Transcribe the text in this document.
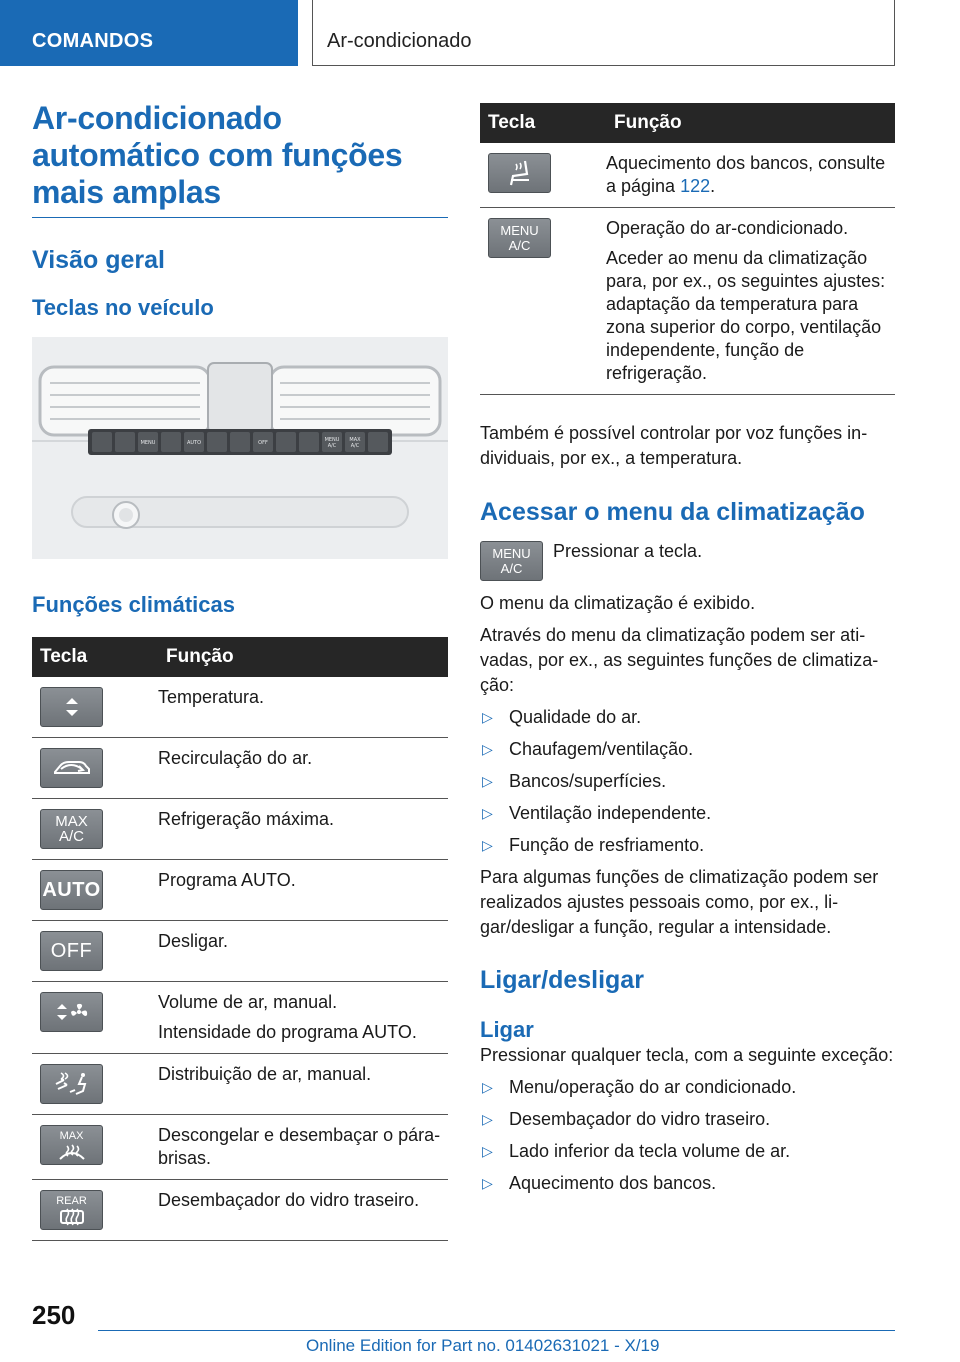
COMANDOS	Ar-condicionado
Ar-condicionado automático com funções mais amplas
Visão geral
Teclas no veículo
MENU	AUTO	OFF	MENU
A/C
MAX
A/C
Funções climáticas
Tecla	Função

Temperatura.

Recirculação do ar.

MAX A/C	Refrigeração máxima.

AUTO	Programa AUTO.

OFF	Desligar.

Volume de ar, manual.

Intensidade do programa AUTO.

Distribuição de ar, manual.

MAX	Descongelar e desembaçar o pára-brisas.

REAR	Desembaçador do vidro traseiro.

Tecla	Função

Aquecimento dos bancos, consulte a página 122.

MENU A/C	Operação do ar-condicionado.

Aceder ao menu da climatização para, por ex., os seguintes ajustes: adaptação da temperatura para zona superior do corpo, ventilação independente, função de refrigeração.

Também é possível controlar por voz funções individuais, por ex., a temperatura.

Acessar o menu da climatização
MENU A/C

Pressionar a tecla.

O menu da climatização é exibido.

Através do menu da climatização podem ser ativadas, por ex., as seguintes funções de climatização:

▷ Qualidade do ar.
▷ Chaufagem/ventilação.
▷ Bancos/superfícies.
▷ Ventilação independente.
▷ Função de resfriamento.

Para algumas funções de climatização podem ser realizados ajustes pessoais como, por ex., ligar/desligar a função, regular a intensidade.

Ligar/desligar
Ligar

Pressionar qualquer tecla, com a seguinte exceção:

▷ Menu/operação do ar condicionado.
▷ Desembaçador do vidro traseiro.
▷ Lado inferior da tecla volume de ar.
▷ Aquecimento dos bancos.
250
Online Edition for Part no. 01402631021 - X/19
